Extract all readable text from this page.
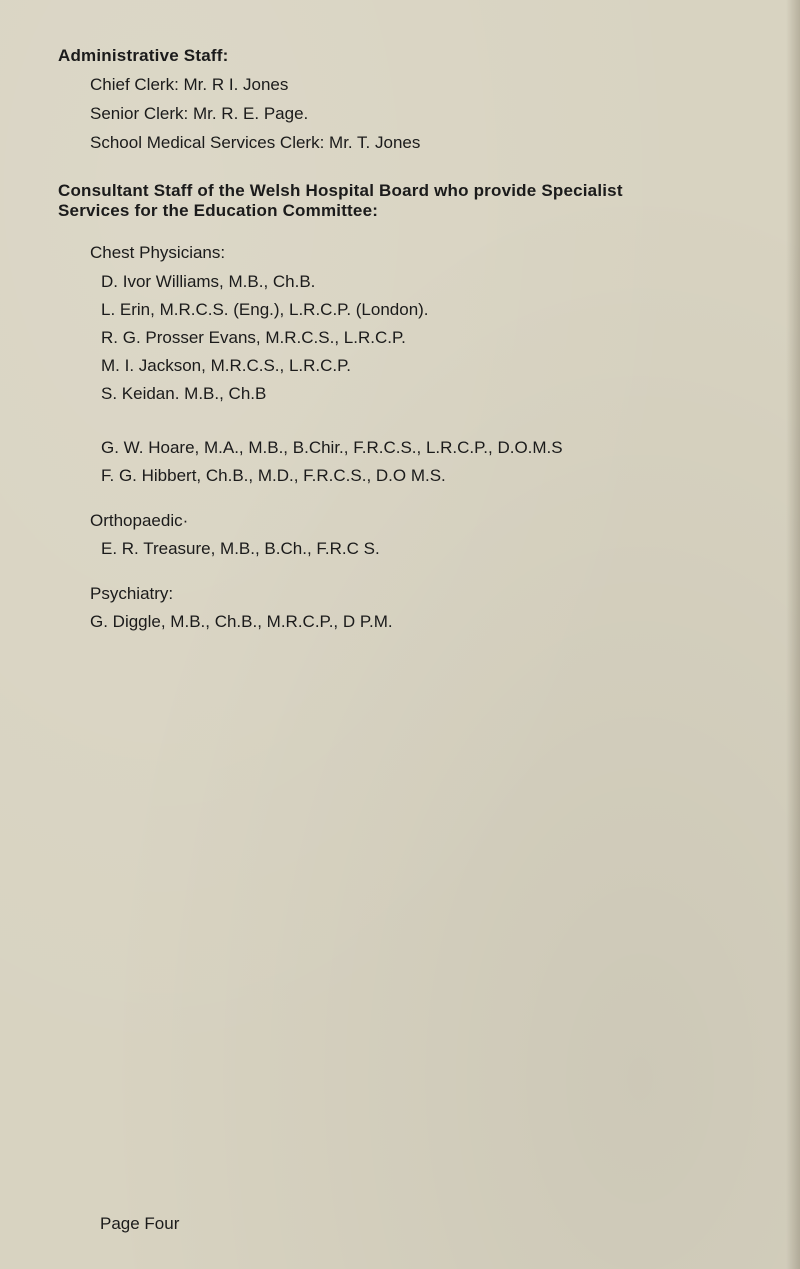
Administrative Staff:
Chief Clerk: Mr. R I. Jones
Senior Clerk: Mr. R. E. Page.
School Medical Services Clerk: Mr. T. Jones
Consultant Staff of the Welsh Hospital Board who provide Specialist
Services for the Education Committee:
Chest Physicians:
D. Ivor Williams, M.B., Ch.B.
L. Erin, M.R.C.S. (Eng.), L.R.C.P. (London).
R. G. Prosser Evans, M.R.C.S., L.R.C.P.
M. I. Jackson, M.R.C.S., L.R.C.P.
S. Keidan. M.B., Ch.B
G. W. Hoare, M.A., M.B., B.Chir., F.R.C.S., L.R.C.P., D.O.M.S
F. G. Hibbert, Ch.B., M.D., F.R.C.S., D.O M.S.
Orthopaedic·
E. R. Treasure, M.B., B.Ch., F.R.C S.
Psychiatry:
G. Diggle, M.B., Ch.B., M.R.C.P., D P.M.
Page Four
